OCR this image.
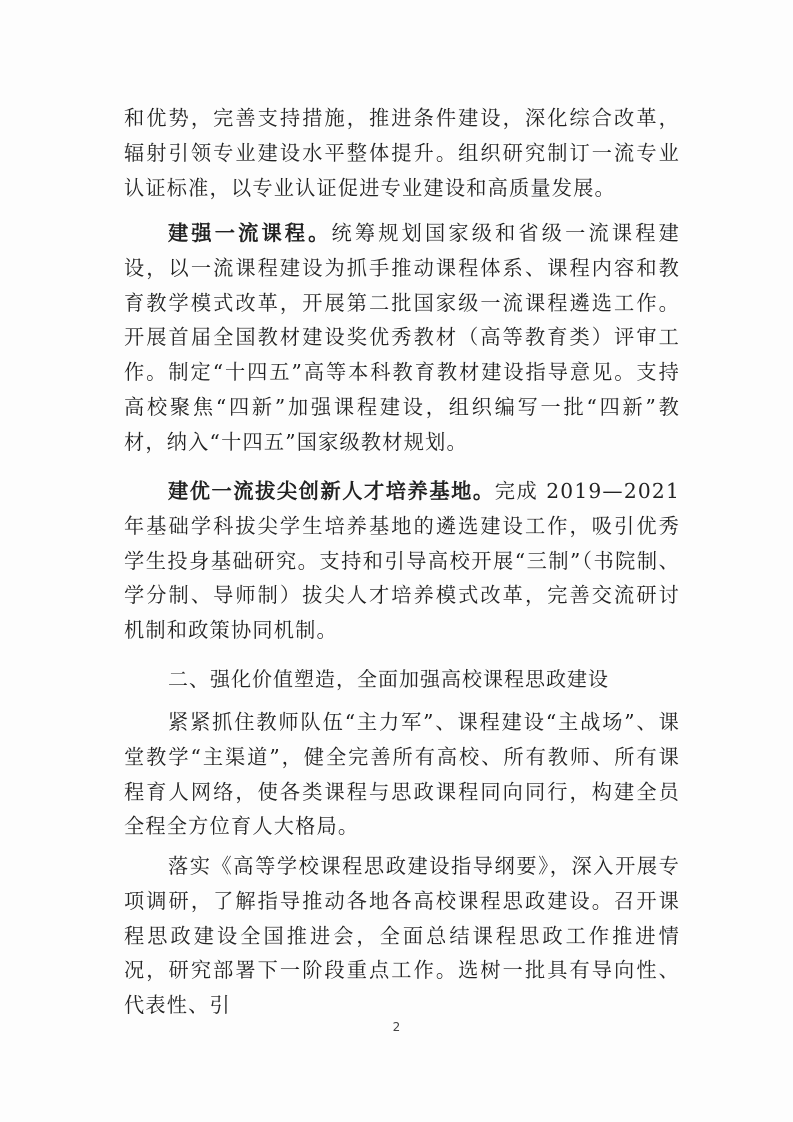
和优势，完善支持措施，推进条件建设，深化综合改革，辐射引领专业建设水平整体提升。组织研究制订一流专业认证标准，以专业认证促进专业建设和高质量发展。

建强一流课程。统筹规划国家级和省级一流课程建设，以一流课程建设为抓手推动课程体系、课程内容和教育教学模式改革，开展第二批国家级一流课程遴选工作。开展首届全国教材建设奖优秀教材（高等教育类）评审工作。制定“十四五”高等本科教育教材建设指导意见。支持高校聚焦“四新”加强课程建设，组织编写一批“四新”教材，纳入“十四五”国家级教材规划。

建优一流拔尖创新人才培养基地。完成 2019—2021 年基础学科拔尖学生培养基地的遴选建设工作，吸引优秀学生投身基础研究。支持和引导高校开展“三制”（书院制、学分制、导师制）拔尖人才培养模式改革，完善交流研讨机制和政策协同机制。

二、强化价值塑造，全面加强高校课程思政建设

紧紧抓住教师队伍“主力军”、课程建设“主战场”、课堂教学“主渠道”，健全完善所有高校、所有教师、所有课程育人网络，使各类课程与思政课程同向同行，构建全员全程全方位育人大格局。

落实《高等学校课程思政建设指导纲要》，深入开展专项调研，了解指导推动各地各高校课程思政建设。召开课程思政建设全国推进会，全面总结课程思政工作推进情况，研究部署下一阶段重点工作。选树一批具有导向性、代表性、引

2
